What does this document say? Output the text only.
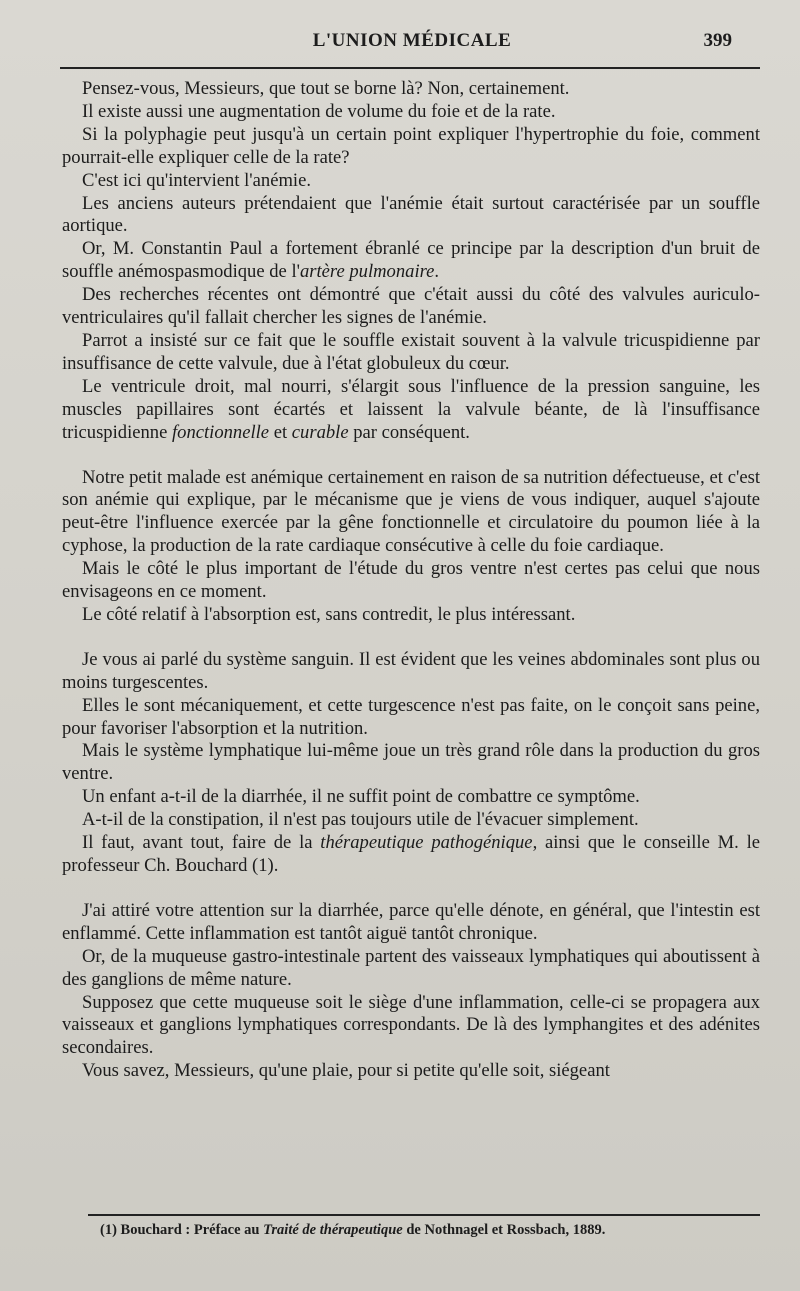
L'UNION MÉDICALE	399

Pensez-vous, Messieurs, que tout se borne là? Non, certainement.

Il existe aussi une augmentation de volume du foie et de la rate.

Si la polyphagie peut jusqu'à un certain point expliquer l'hypertrophie du foie, comment pourrait-elle expliquer celle de la rate?

C'est ici qu'intervient l'anémie.

Les anciens auteurs prétendaient que l'anémie était surtout caractérisée par un souffle aortique.

Or, M. Constantin Paul a fortement ébranlé ce principe par la description d'un bruit de souffle anémospasmodique de l'artère pulmonaire.

Des recherches récentes ont démontré que c'était aussi du côté des valvules auriculo-ventriculaires qu'il fallait chercher les signes de l'anémie.

Parrot a insisté sur ce fait que le souffle existait souvent à la valvule tricuspidienne par insuffisance de cette valvule, due à l'état globuleux du cœur.

Le ventricule droit, mal nourri, s'élargit sous l'influence de la pression sanguine, les muscles papillaires sont écartés et laissent la valvule béante, de là l'insuffisance tricuspidienne fonctionnelle et curable par conséquent.

Notre petit malade est anémique certainement en raison de sa nutrition défectueuse, et c'est son anémie qui explique, par le mécanisme que je viens de vous indiquer, auquel s'ajoute peut-être l'influence exercée par la gêne fonctionnelle et circulatoire du poumon liée à la cyphose, la production de la rate cardiaque consécutive à celle du foie cardiaque.

Mais le côté le plus important de l'étude du gros ventre n'est certes pas celui que nous envisageons en ce moment.

Le côté relatif à l'absorption est, sans contredit, le plus intéressant.

Je vous ai parlé du système sanguin. Il est évident que les veines abdominales sont plus ou moins turgescentes.

Elles le sont mécaniquement, et cette turgescence n'est pas faite, on le conçoit sans peine, pour favoriser l'absorption et la nutrition.

Mais le système lymphatique lui-même joue un très grand rôle dans la production du gros ventre.

Un enfant a-t-il de la diarrhée, il ne suffit point de combattre ce symptôme.

A-t-il de la constipation, il n'est pas toujours utile de l'évacuer simplement.

Il faut, avant tout, faire de la thérapeutique pathogénique, ainsi que le conseille M. le professeur Ch. Bouchard (1).

J'ai attiré votre attention sur la diarrhée, parce qu'elle dénote, en général, que l'intestin est enflammé. Cette inflammation est tantôt aiguë tantôt chronique.

Or, de la muqueuse gastro-intestinale partent des vaisseaux lymphatiques qui aboutissent à des ganglions de même nature.

Supposez que cette muqueuse soit le siège d'une inflammation, celle-ci se propagera aux vaisseaux et ganglions lymphatiques correspondants. De là des lymphangites et des adénites secondaires.

Vous savez, Messieurs, qu'une plaie, pour si petite qu'elle soit, siégeant

(1) Bouchard : Préface au Traité de thérapeutique de Nothnagel et Rossbach, 1889.
